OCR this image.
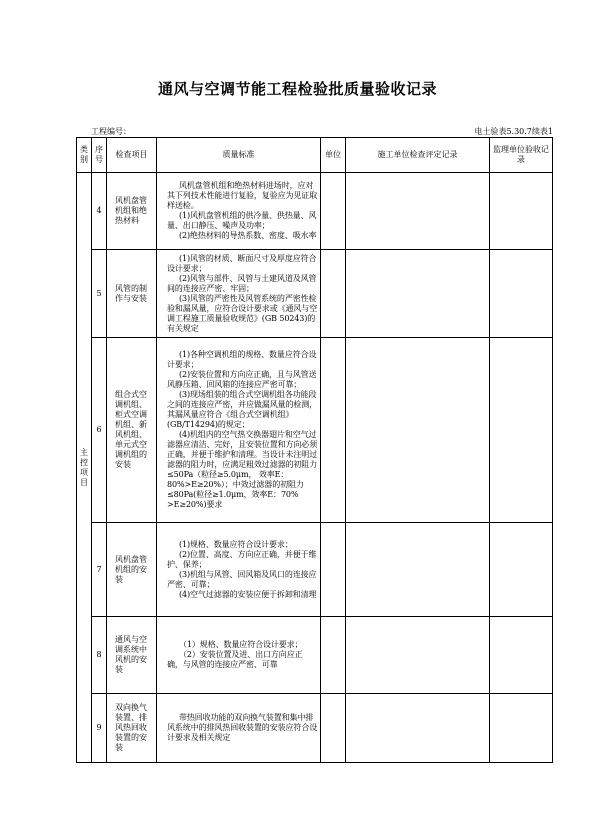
通风与空调节能工程检验批质量验收记录
工程编号：	电土验表5.30.7续表1
类别	序号	检查项目	质量标准	单位	施工单位检查评定记录	监理单位验收记录

主控项目	4	风机盘管机组和绝热材料	风机盘管机组和绝热材料进场时，应对其下列技术性能进行复验，复验应为见证取样送检。

(1)风机盘管机组的供冷量、供热量、风量、出口静压、噪声及功率；

(2)绝热材料的导热系数、密度、吸水率			

	5	风管的制作与安装	(1)风管的材质、断面尺寸及厚度应符合设计要求；

(2)风管与部件、风管与土建风道及风管间的连接应严密、牢固；

(3)风管的严密性及风管系统的严密性检验和漏风量，应符合设计要求或《通风与空调工程施工质量验收规范》(GB 50243)的有关规定			

	6	组合式空调机组、柜式空调机组、新风机组、单元式空调机组的安装	(1)各种空调机组的规格、数量应符合设计要求；

(2)安装位置和方向应正确，且与风管送风静压箱、回风箱的连接应严密可靠；

(3)现场组装的组合式空调机组各功能段之间的连接应严密，并应做漏风量的检测，其漏风量应符合《组合式空调机组》(GB/T14294)的规定；

(4)机组内的空气热交换器翅片和空气过滤器应清洁、完好，且安装位置和方向必须正确，并便于维护和清理。当设计未注明过滤器的阻力时，应满足粗效过滤器的初阻力≤50Pa（粒径≥5.0μm， 效率E： 80%>E≥20%）；中效过滤器的初阻力≤80Pa(粒径≥1.0μm，效率E：70% >E≥20%)要求			

	7	风机盘管机组的安装	(1)规格、数量应符合设计要求；

(2)位置、高度、方向应正确，并便于维护、保养；

(3)机组与风管、回风箱及风口的连接应严密、可靠；

(4)空气过滤器的安装应便于拆卸和清理			

	8	通风与空调系统中风机的安装	（1）规格、数量应符合设计要求；

（2）安装位置及进、出口方向应正确，与风管的连接应严密、可靠			

	9	双向换气装置、排风热回收装置的安装	带热回收功能的双向换气装置和集中排风系统中的排风热回收装置的安装应符合设计要求及相关规定			
